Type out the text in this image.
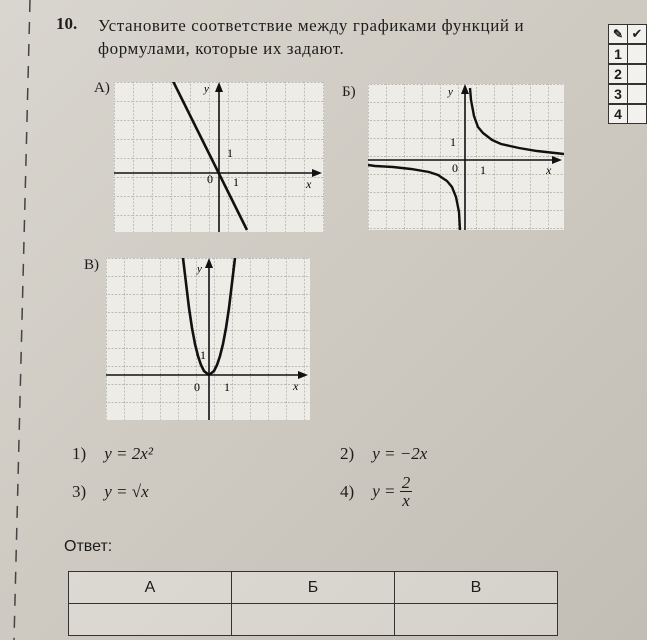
10. Установите соответствие между графиками функций и
формулами, которые их задают.
✎ ✔
1
2
3
4
А)	y
x
0 1
1
Б)	y
x
0 1
1
В)	y
x
0 1
1
1) y = 2x²	2) y = −2x
3) y = √x	4) $y = \frac{2}{x}$
Ответ:
А	Б	В
